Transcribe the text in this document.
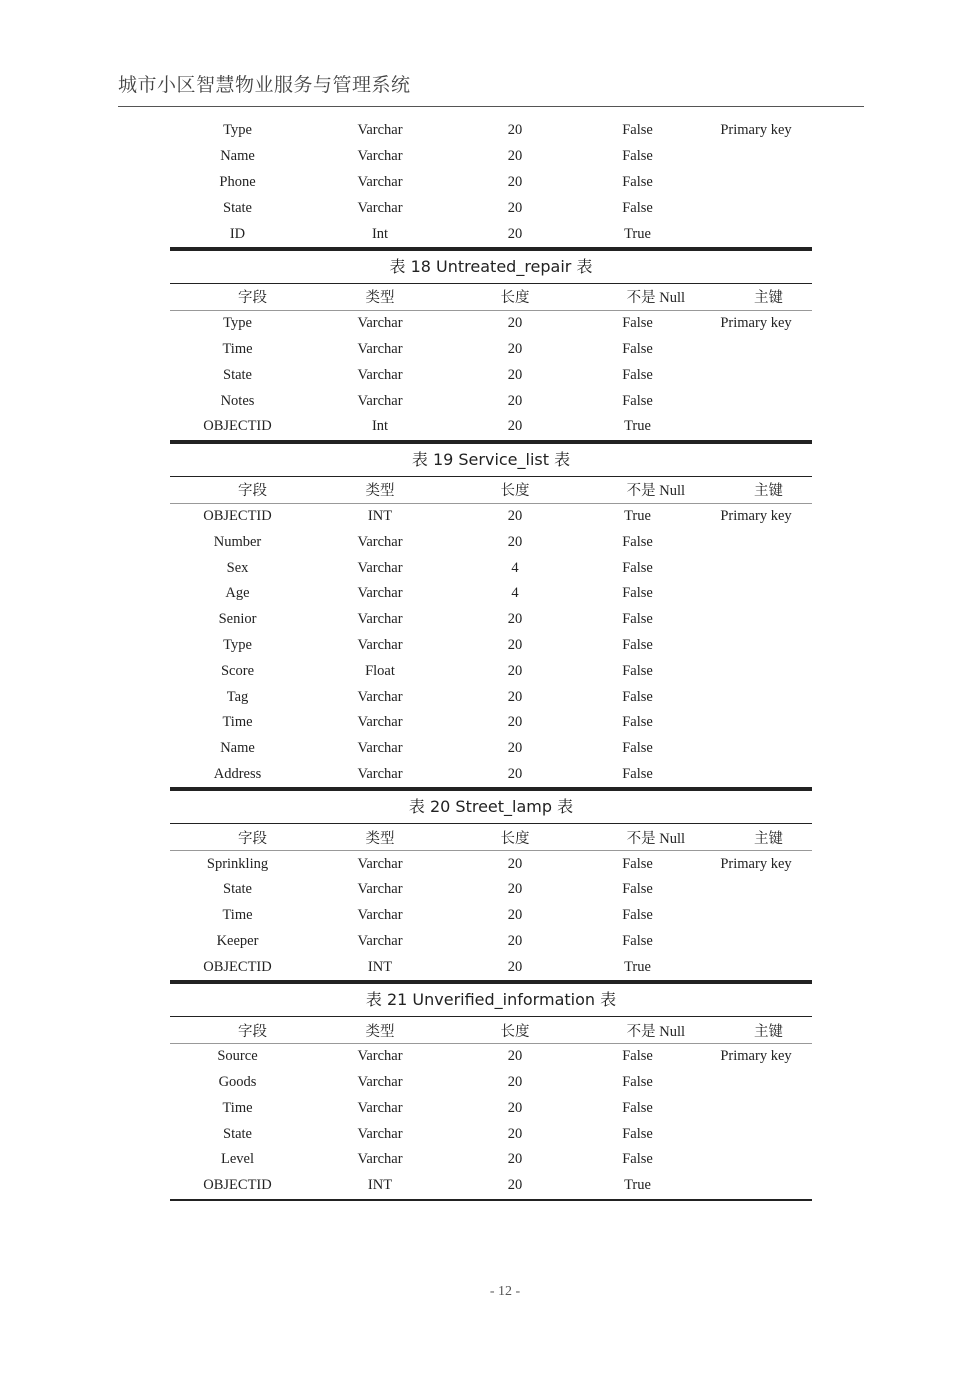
城市小区智慧物业服务与管理系统
Type	Varchar	20	False	Primary key
Name	Varchar	20	False
Phone	Varchar	20	False
State	Varchar	20	False
ID	Int	20	True
表 18 Untreated_repair 表
字段	类型	长度	不是 Null	主键
Type	Varchar	20	False	Primary key
Time	Varchar	20	False
State	Varchar	20	False
Notes	Varchar	20	False
OBJECTID	Int	20	True
表 19 Service_list 表
字段	类型	长度	不是 Null	主键
OBJECTID	INT	20	True	Primary key
Number	Varchar	20	False
Sex	Varchar	4	False
Age	Varchar	4	False
Senior	Varchar	20	False
Type	Varchar	20	False
Score	Float	20	False
Tag	Varchar	20	False
Time	Varchar	20	False
Name	Varchar	20	False
Address	Varchar	20	False
表 20 Street_lamp 表
字段	类型	长度	不是 Null	主键
Sprinkling	Varchar	20	False	Primary key
State	Varchar	20	False
Time	Varchar	20	False
Keeper	Varchar	20	False
OBJECTID	INT	20	True
表 21 Unverified_information 表
字段	类型	长度	不是 Null	主键
Source	Varchar	20	False	Primary key
Goods	Varchar	20	False
Time	Varchar	20	False
State	Varchar	20	False
Level	Varchar	20	False
OBJECTID	INT	20	True
- 12 -
